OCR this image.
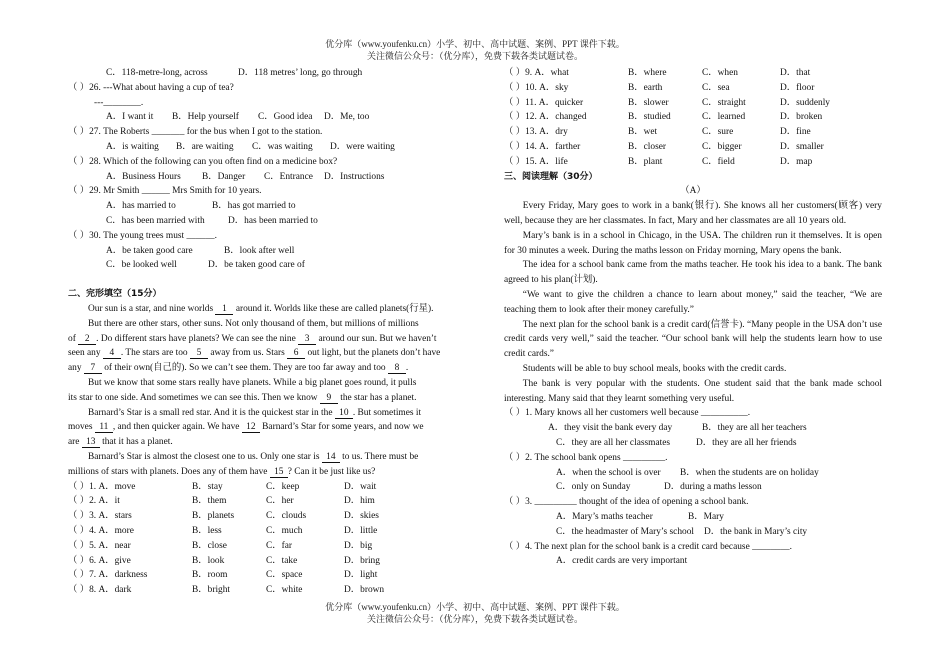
优分库（www.youfenku.cn）小学、初中、高中试题、案例、PPT 课件下载。
关注微信公众号：（优分库），免费下载各类试题试卷。
C．118-metre-long, across	D．118 metres’ long, go through
（ ）26. ---What about having a cup of tea?
---________.
A．I want it B．Help yourself C．Good idea D．Me, too
（ ）27. The Roberts _______ for the bus when I got to the station.
A．is waiting B．are waiting C．was waiting D．were waiting
（ ）28. Which of the following can you often find on a medicine box?
A．Business Hours B．Danger C．Entrance D．Instructions
（ ）29. Mr Smith ______ Mrs Smith for 10 years.
A．has married to	B．has got married to
C．has been married with D．has been married to
（ ）30. The young trees must ______.
A．be taken good care	B．look after well
C．be looked well	D．be taken good care of
二、完形填空（15分）
Our sun is a star, and nine worlds 1 around it. Worlds like these are called planets(行星).
But there are other stars, other suns. Not only thousand of them, but millions of millions
of 2 . Do different stars have planets? We can see the nine 3 around our sun. But we haven’t
seen any 4 . The stars are too 5 away from us. Stars 6 out light, but the planets don’t have
any 7 of their own(自己的). So we can’t see them. They are too far away and too 8 .
But we know that some stars really have planets. While a big planet goes round, it pulls
its star to one side. And sometimes we can see this. Then we know 9 the star has a planet.
Barnard’s Star is a small red star. And it is the quickest star in the 10 . But sometimes it
moves 11 , and then quicker again. We have 12 Barnard’s Star for some years, and now we
are 13 that it has a planet.
Barnard’s Star is almost the closest one to us. Only one star is 14 to us. There must be
millions of stars with planets. Does any of them have 15 ? Can it be just like us?
（ ）1. A．move	B．stay	C．keep	D．wait
（ ）2. A．it	B．them	C．her	D．him
（ ）3. A．stars	B．planets	C．clouds	D．skies
（ ）4. A．more	B．less	C．much	D．little
（ ）5. A．near	B．close	C．far	D．big
（ ）6. A．give	B．look	C．take	D．bring
（ ）7. A．darkness	B．room	C．space	D．light
（ ）8. A．dark	B．bright	C．white	D．brown
（ ）9. A．what	B．where	C．when	D．that
（ ）10. A．sky	B．earth	C．sea	D．floor
（ ）11. A．quicker	B．slower	C．straight	D．suddenly
（ ）12. A．changed	B．studied	C．learned	D．broken
（ ）13. A．dry	B．wet	C．sure	D．fine
（ ）14. A．farther	B．closer	C．bigger	D．smaller
（ ）15. A．life	B．plant	C．field	D．map
三、阅读理解（30分）
（A）
Every Friday, Mary goes to work in a bank(银行). She knows all her customers(顾客) very well, because they are her classmates. In fact, Mary and her classmates are all 10 years old.
Mary’s bank is in a school in Chicago, in the USA. The children run it themselves. It is open for 30 minutes a week. During the maths lesson on Friday morning, Mary opens the bank.
The idea for a school bank came from the maths teacher. He took his idea to a bank. The bank agreed to his plan(计划).
“We want to give the children a chance to learn about money,” said the teacher, “We are teaching them to look after their money carefully.”
The next plan for the school bank is a credit card(信誉卡). “Many people in the USA don’t use credit cards very well,” said the teacher. “Our school bank will help the students learn how to use credit cards.”
Students will be able to buy school meals, books with the credit cards.
The bank is very popular with the students. One student said that the bank made school interesting. Many said that they learnt something very useful.
（ ）1. Mary knows all her customers well because __________.
A．they visit the bank every day	B．they are all her teachers
C．they are all her classmates	D．they are all her friends
（ ）2. The school bank opens _________.
A．when the school is over B．when the students are on holiday
C．only on Sunday	D．during a maths lesson
（ ）3. _________ thought of the idea of opening a school bank.
A．Mary’s maths teacher	B．Mary
C．the headmaster of Mary’s school D．the bank in Mary’s city
（ ）4. The next plan for the school bank is a credit card because ________.
A．credit cards are very important
优分库（www.youfenku.cn）小学、初中、高中试题、案例、PPT 课件下载。
关注微信公众号：（优分库），免费下载各类试题试卷。
